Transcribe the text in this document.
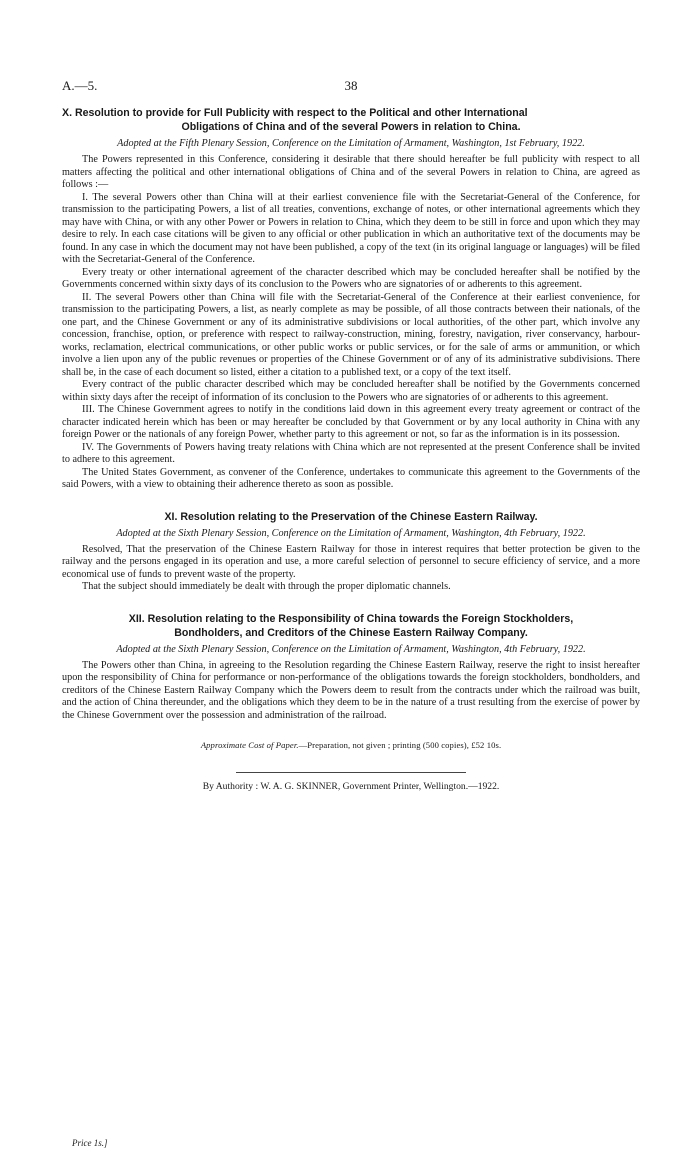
A.—5.	38
X. Resolution to provide for Full Publicity with respect to the Political and other International
Obligations of China and of the several Powers in relation to China.
Adopted at the Fifth Plenary Session, Conference on the Limitation of Armament, Washington, 1st February, 1922.

The Powers represented in this Conference, considering it desirable that there should hereafter be full publicity with respect to all matters affecting the political and other international obligations of China and of the several Powers in relation to China, are agreed as follows :—

I. The several Powers other than China will at their earliest convenience file with the Secretariat-General of the Conference, for transmission to the participating Powers, a list of all treaties, conventions, exchange of notes, or other international agreements which they may have with China, or with any other Power or Powers in relation to China, which they deem to be still in force and upon which they may desire to rely. In each case citations will be given to any official or other publication in which an authoritative text of the documents may be found. In any case in which the document may not have been published, a copy of the text (in its original language or languages) will be filed with the Secretariat-General of the Conference.

Every treaty or other international agreement of the character described which may be concluded hereafter shall be notified by the Governments concerned within sixty days of its conclusion to the Powers who are signatories of or adherents to this agreement.

II. The several Powers other than China will file with the Secretariat-General of the Conference at their earliest convenience, for transmission to the participating Powers, a list, as nearly complete as may be possible, of all those contracts between their nationals, of the one part, and the Chinese Government or any of its administrative subdivisions or local authorities, of the other part, which involve any concession, franchise, option, or preference with respect to railway-construction, mining, forestry, navigation, river conservancy, harbour-works, reclamation, electrical communications, or other public works or public services, or for the sale of arms or ammunition, or which involve a lien upon any of the public revenues or properties of the Chinese Government or of any of its administrative subdivisions. There shall be, in the case of each document so listed, either a citation to a published text, or a copy of the text itself.

Every contract of the public character described which may be concluded hereafter shall be notified by the Governments concerned within sixty days after the receipt of information of its conclusion to the Powers who are signatories of or adherents to this agreement.

III. The Chinese Government agrees to notify in the conditions laid down in this agreement every treaty agreement or contract of the character indicated herein which has been or may hereafter be concluded by that Government or by any local authority in China with any foreign Power or the nationals of any foreign Power, whether party to this agreement or not, so far as the information is in its possession.

IV. The Governments of Powers having treaty relations with China which are not represented at the present Conference shall be invited to adhere to this agreement.

The United States Government, as convener of the Conference, undertakes to communicate this agreement to the Governments of the said Powers, with a view to obtaining their adherence thereto as soon as possible.

XI. Resolution relating to the Preservation of the Chinese Eastern Railway.
Adopted at the Sixth Plenary Session, Conference on the Limitation of Armament, Washington, 4th February, 1922.

Resolved, That the preservation of the Chinese Eastern Railway for those in interest requires that better protection be given to the railway and the persons engaged in its operation and use, a more careful selection of personnel to secure efficiency of service, and a more economical use of funds to prevent waste of the property.

That the subject should immediately be dealt with through the proper diplomatic channels.

XII. Resolution relating to the Responsibility of China towards the Foreign Stockholders,
Bondholders, and Creditors of the Chinese Eastern Railway Company.
Adopted at the Sixth Plenary Session, Conference on the Limitation of Armament, Washington, 4th February, 1922.

The Powers other than China, in agreeing to the Resolution regarding the Chinese Eastern Railway, reserve the right to insist hereafter upon the responsibility of China for performance or non-performance of the obligations towards the foreign stockholders, bondholders, and creditors of the Chinese Eastern Railway Company which the Powers deem to result from the contracts under which the railroad was built, and the action of China thereunder, and the obligations which they deem to be in the nature of a trust resulting from the exercise of power by the Chinese Government over the possession and administration of the railroad.

Approximate Cost of Paper.—Preparation, not given ; printing (500 copies), £52 10s.
By Authority : W. A. G. SKINNER, Government Printer, Wellington.—1922.
Price 1s.]
